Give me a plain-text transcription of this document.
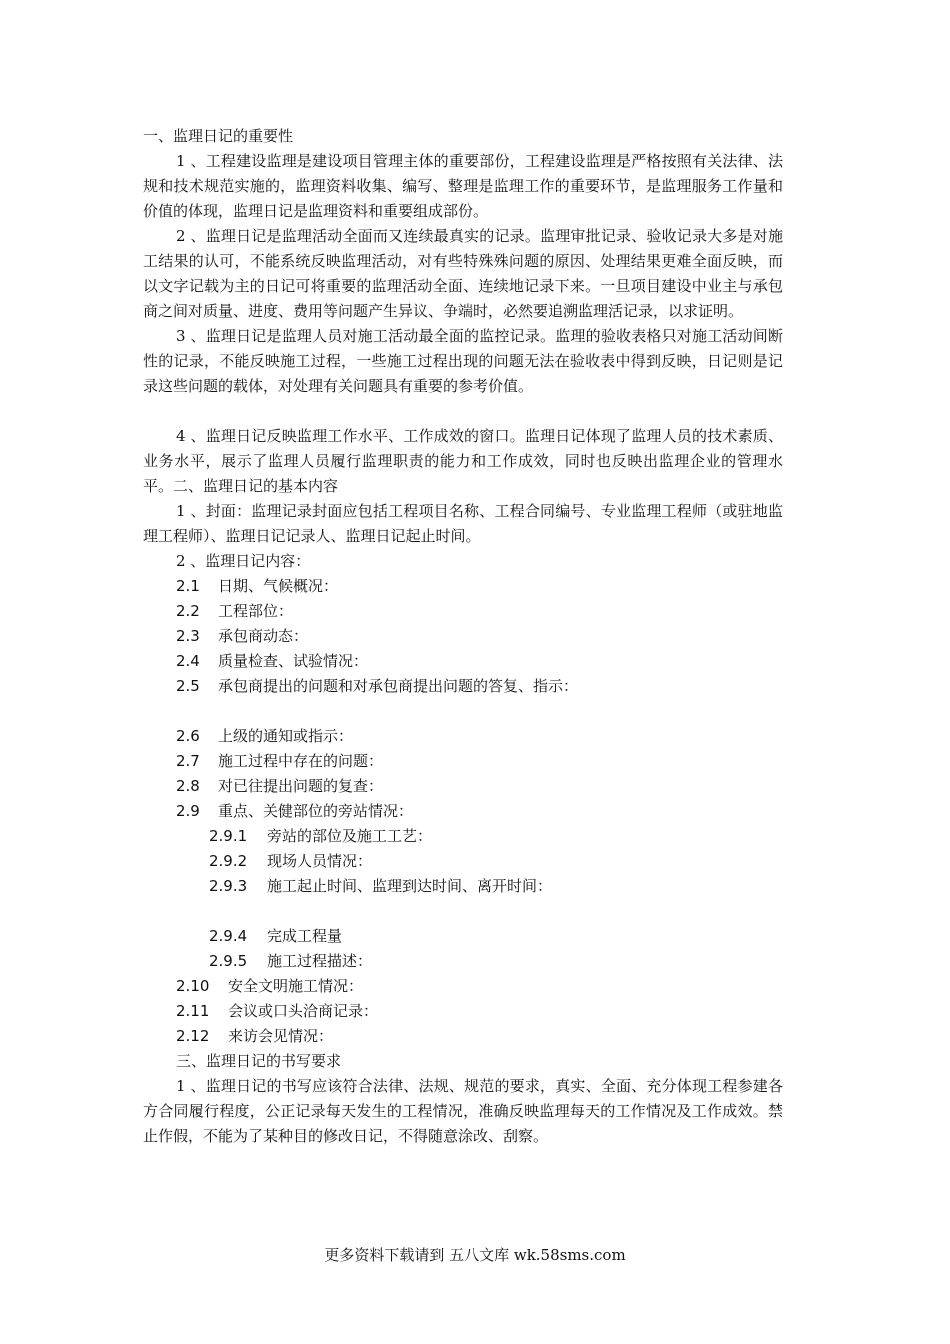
一、监理日记的重要性
1 、工程建设监理是建设项目管理主体的重要部份，工程建设监理是严格按照有关法律、法规和技术规范实施的，监理资料收集、编写、整理是监理工作的重要环节，是监理服务工作量和价值的体现，监理日记是监理资料和重要组成部份。
2 、监理日记是监理活动全面而又连续最真实的记录。监理审批记录、验收记录大多是对施工结果的认可，不能系统反映监理活动，对有些特殊殊问题的原因、处理结果更难全面反映，而以文字记载为主的日记可将重要的监理活动全面、连续地记录下来。一旦项目建设中业主与承包商之间对质量、进度、费用等问题产生异议、争端时，必然要追溯监理活记录，以求证明。
3 、监理日记是监理人员对施工活动最全面的监控记录。监理的验收表格只对施工活动间断性的记录，不能反映施工过程，一些施工过程出现的问题无法在验收表中得到反映，日记则是记录这些问题的载体，对处理有关问题具有重要的参考价值。
4 、监理日记反映监理工作水平、工作成效的窗口。监理日记体现了监理人员的技术素质、业务水平，展示了监理人员履行监理职责的能力和工作成效，同时也反映出监理企业的管理水平。二、监理日记的基本内容
1 、封面：监理记录封面应包括工程项目名称、工程合同编号、专业监理工程师（或驻地监理工程师）、监理日记记录人、监理日记起止时间。
2 、监理日记内容：
2.1 日期、气候概况：
2.2 工程部位：
2.3 承包商动态：
2.4 质量检查、试验情况：
2.5 承包商提出的问题和对承包商提出问题的答复、指示：
2.6 上级的通知或指示：
2.7 施工过程中存在的问题：
2.8 对已往提出问题的复查：
2.9 重点、关健部位的旁站情况：
2.9.1 旁站的部位及施工工艺：
2.9.2 现场人员情况：
2.9.3 施工起止时间、监理到达时间、离开时间：
2.9.4 完成工程量
2.9.5 施工过程描述：
2.10 安全文明施工情况：
2.11 会议或口头洽商记录：
2.12 来访会见情况：
三、监理日记的书写要求
1 、监理日记的书写应该符合法律、法规、规范的要求，真实、全面、充分体现工程参建各方合同履行程度，公正记录每天发生的工程情况，准确反映监理每天的工作情况及工作成效。禁止作假，不能为了某种目的修改日记，不得随意涂改、刮察。
更多资料下载请到 五八文库 wk.58sms.com
